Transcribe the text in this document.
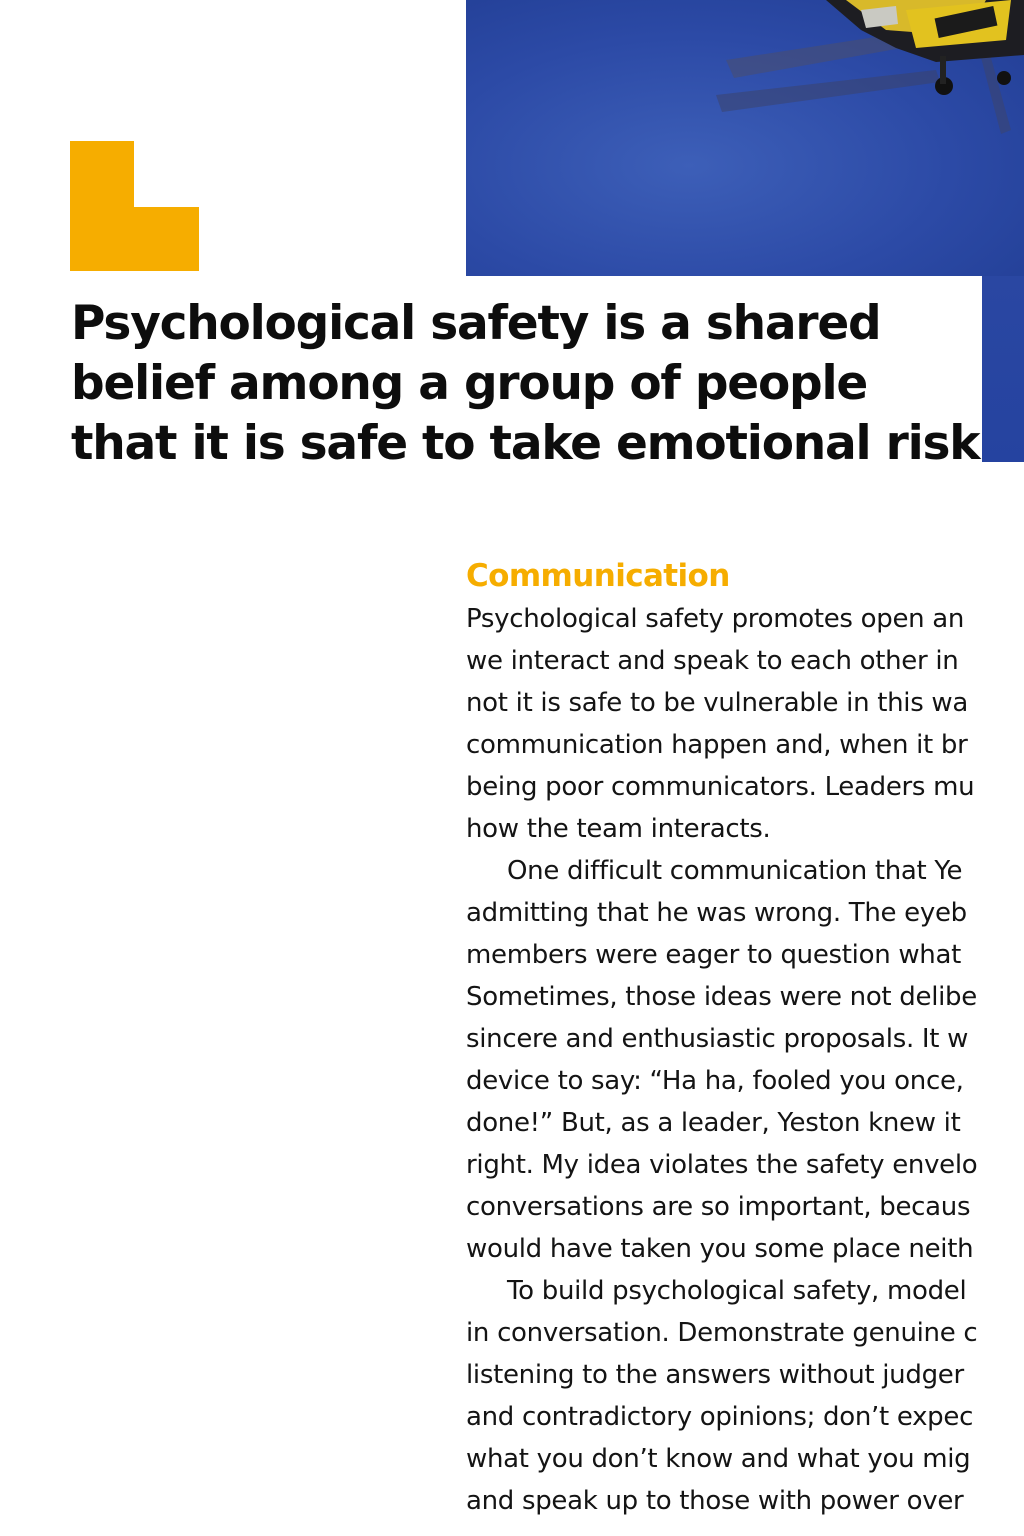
Psychological safety is a shared
belief among a group of people
that it is safe to take emotional risk
Communication
Psychological safety promotes open an
we interact and speak to each other in
not it is safe to be vulnerable in this wa
communication happen and, when it br
being poor communicators. Leaders mu
how the team interacts.
One difficult communication that Ye
admitting that he was wrong. The eyeb
members were eager to question what
Sometimes, those ideas were not delibe
sincere and enthusiastic proposals. It w
device to say: “Ha ha, fooled you once,
done!” But, as a leader, Yeston knew it
right. My idea violates the safety envelo
conversations are so important, becaus
would have taken you some place neith
To build psychological safety, model
in conversation. Demonstrate genuine c
listening to the answers without judger
and contradictory opinions; don’t expec
what you don’t know and what you mig
and speak up to those with power over
